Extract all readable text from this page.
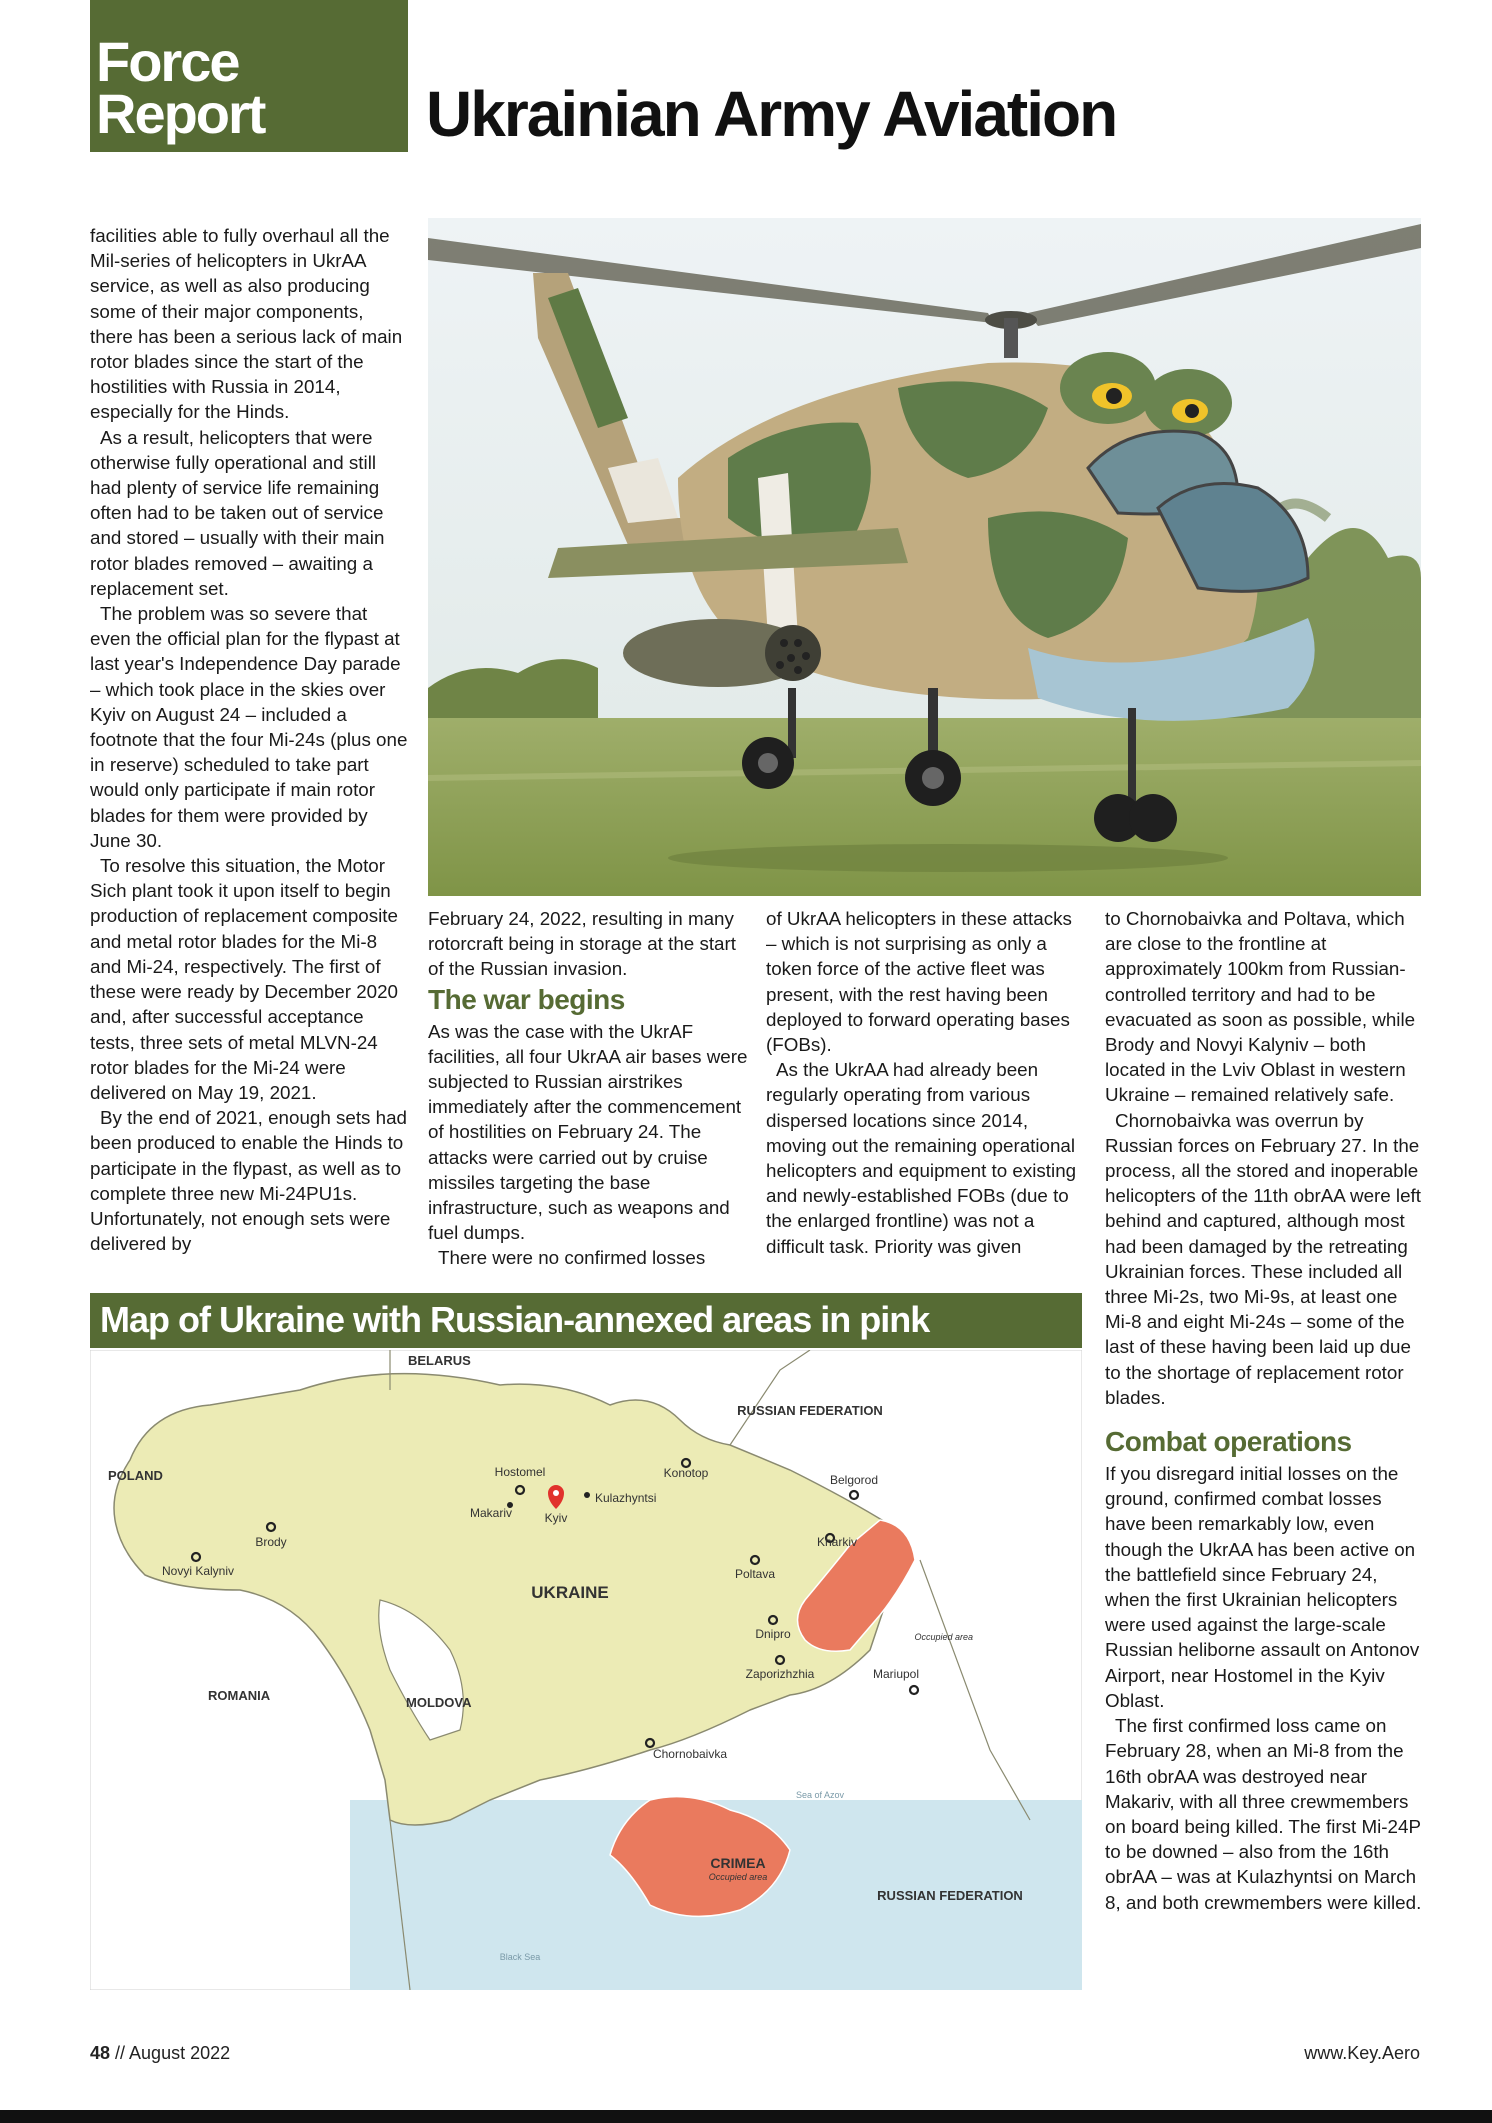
Force
Report	Ukrainian Army Aviation

facilities able to fully overhaul all the Mil-series of helicopters in UkrAA service, as well as also producing some of their major components, there has been a serious lack of main rotor blades since the start of the hostilities with Russia in 2014, especially for the Hinds.

As a result, helicopters that were otherwise fully operational and still had plenty of service life remaining often had to be taken out of service and stored – usually with their main rotor blades removed – awaiting a replacement set.

The problem was so severe that even the official plan for the flypast at last year's Independence Day parade – which took place in the skies over Kyiv on August 24 – included a footnote that the four Mi-24s (plus one in reserve) scheduled to take part would only participate if main rotor blades for them were provided by June 30.

To resolve this situation, the Motor Sich plant took it upon itself to begin production of replacement composite and metal rotor blades for the Mi-8 and Mi-24, respectively. The first of these were ready by December 2020 and, after successful acceptance tests, three sets of metal MLVN-24 rotor blades for the Mi-24 were delivered on May 19, 2021.

By the end of 2021, enough sets had been produced to enable the Hinds to participate in the flypast, as well as to complete three new Mi-24PU1s. Unfortunately, not enough sets were delivered by

February 24, 2022, resulting in many rotorcraft being in storage at the start of the Russian invasion.

The war begins

As was the case with the UkrAF facilities, all four UkrAA air bases were subjected to Russian airstrikes immediately after the commencement of hostilities on February 24. The attacks were carried out by cruise missiles targeting the base infrastructure, such as weapons and fuel dumps.

There were no confirmed losses

of UkrAA helicopters in these attacks – which is not surprising as only a token force of the active fleet was present, with the rest having been deployed to forward operating bases (FOBs).

As the UkrAA had already been regularly operating from various dispersed locations since 2014, moving out the remaining operational helicopters and equipment to existing and newly-established FOBs (due to the enlarged frontline) was not a difficult task. Priority was given

to Chornobaivka and Poltava, which are close to the frontline at approximately 100km from Russian-controlled territory and had to be evacuated as soon as possible, while Brody and Novyi Kalyniv – both located in the Lviv Oblast in western Ukraine – remained relatively safe.

Chornobaivka was overrun by Russian forces on February 27. In the process, all the stored and inoperable helicopters of the 11th obrAA were left behind and captured, although most had been damaged by the retreating Ukrainian forces. These included all three Mi-2s, two Mi-9s, at least one Mi-8 and eight Mi-24s – some of the last of these having been laid up due to the shortage of replacement rotor blades.

Combat operations

If you disregard initial losses on the ground, confirmed combat losses have been remarkably low, even though the UkrAA has been active on the battlefield since February 24, when the first Ukrainian helicopters were used against the large-scale Russian heliborne assault on Antonov Airport, near Hostomel in the Kyiv Oblast.

The first confirmed loss came on February 28, when an Mi-8 from the 16th obrAA was destroyed near Makariv, with all three crewmembers on board being killed. The first Mi-24P to be downed – also from the 16th obrAA – was at Kulazhyntsi on March 8, and both crewmembers were killed.

Map of Ukraine with Russian-annexed areas in pink
BELARUS
RUSSIAN FEDERATION
POLAND
UKRAINE
ROMANIA	MOLDOVA
RUSSIAN FEDERATION
CRIMEA
Occupied area
Occupied area
Sea of Azov
Black Sea
Hostomel	Konotop	Belgorod
Makariv	Kyiv
Kulazhyntsi
Brody
Novyi Kalyniv
Kharkiv
Poltava
Dnipro
Zaporizhzhia	Mariupol
Chornobaivka
48 // August 2022	www.Key.Aero
